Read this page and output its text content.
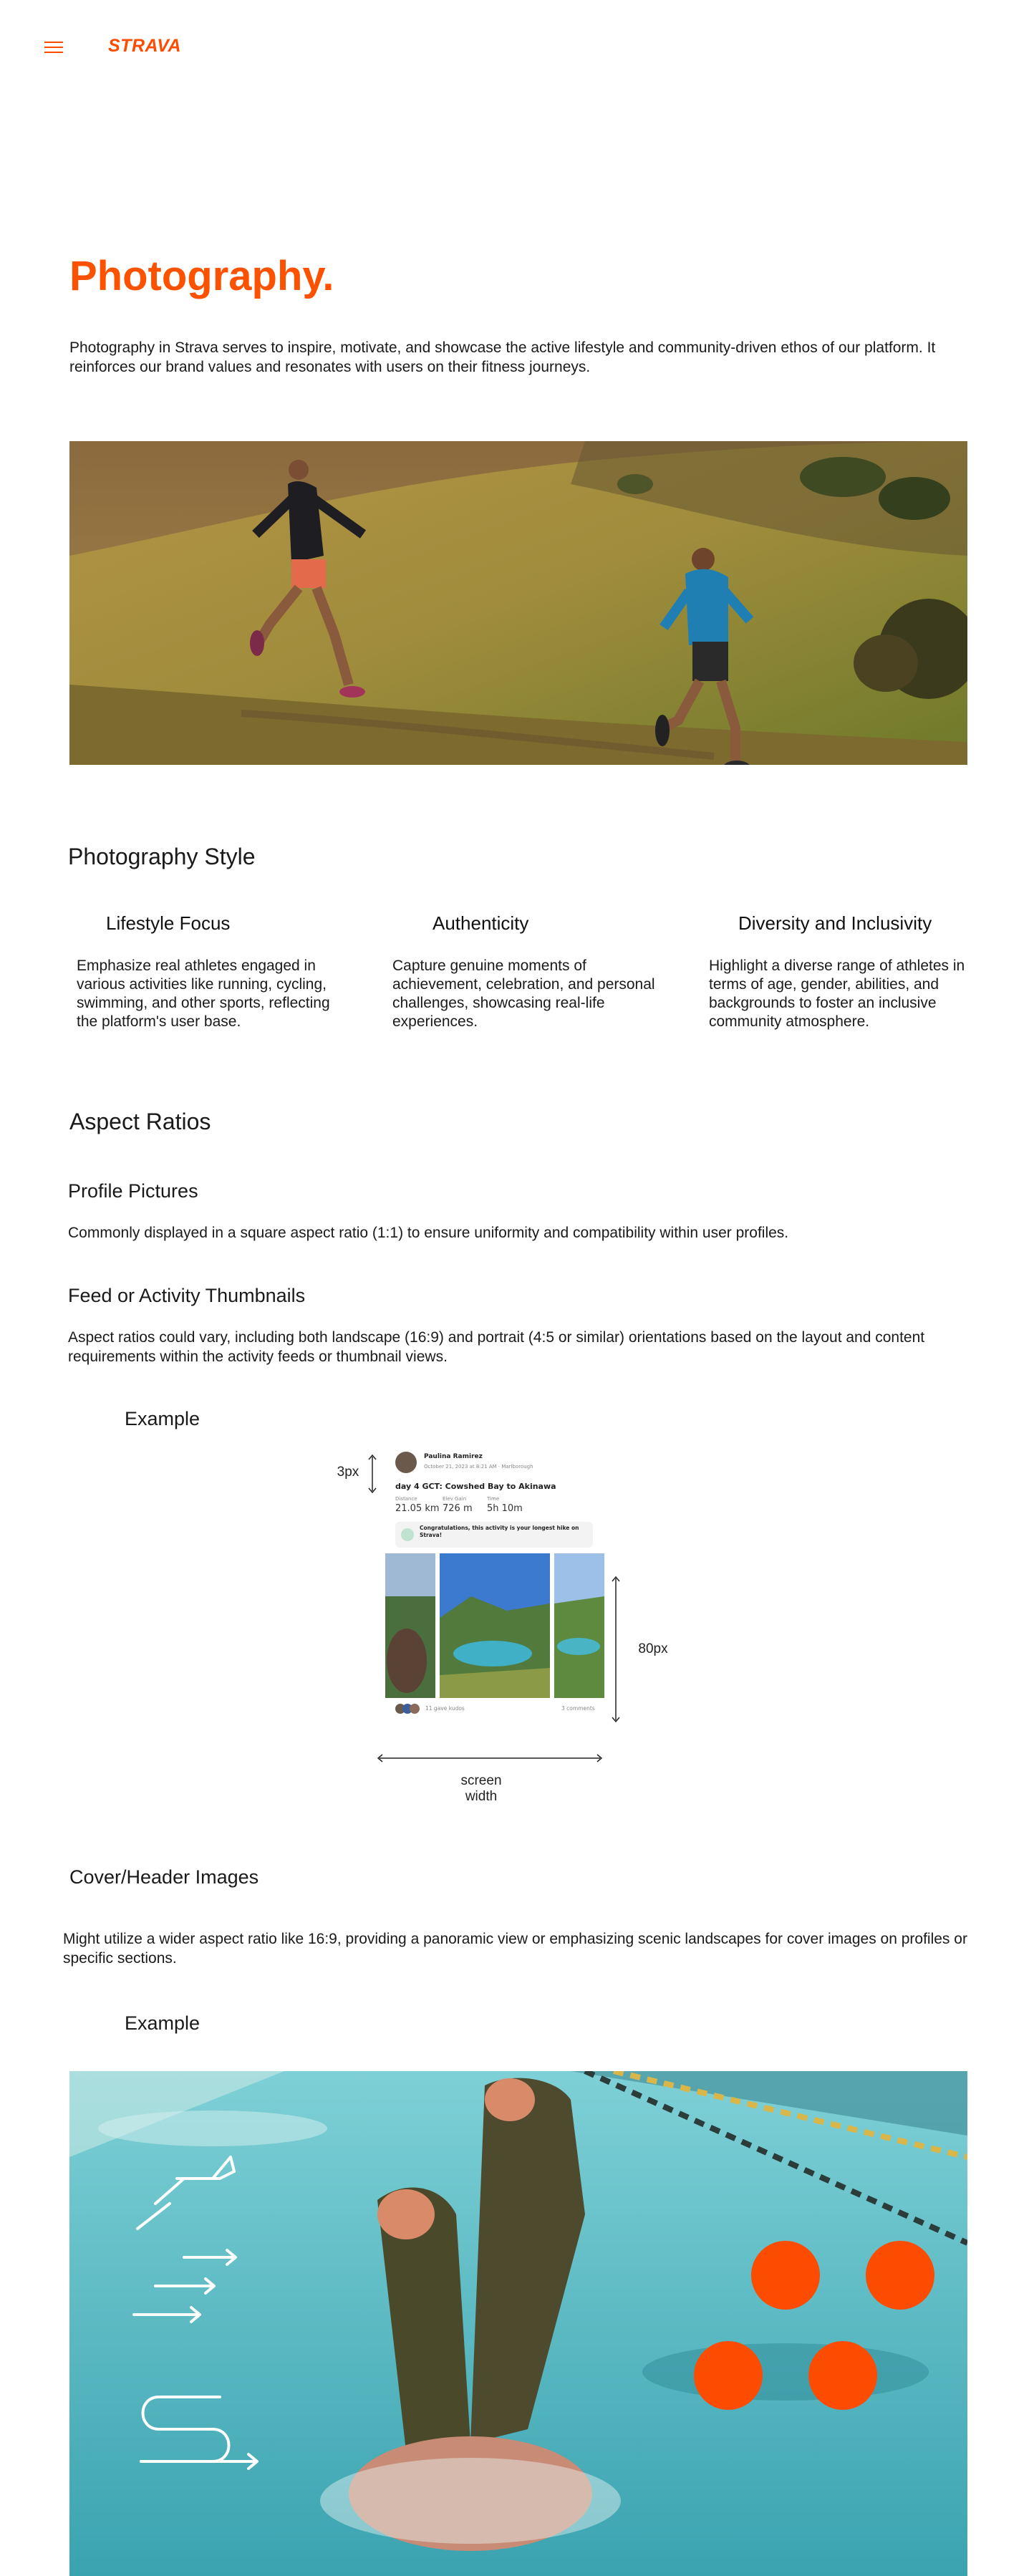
STRAVA
Photography.
Photography in Strava serves to inspire, motivate, and showcase the active lifestyle and community-driven ethos of our platform. It reinforces our brand values and resonates with users on their fitness journeys.
Photography Style
Lifestyle Focus
Emphasize real athletes engaged in various activities like running, cycling, swimming, and other sports, reflecting the platform's user base.
Authenticity
Capture genuine moments of achievement, celebration, and personal challenges, showcasing real-life experiences.
Diversity and Inclusivity
Highlight a diverse range of athletes in terms of age, gender, abilities, and backgrounds to foster an inclusive community atmosphere.
Aspect Ratios
Profile Pictures
Commonly displayed in a square aspect ratio (1:1) to ensure uniformity and compatibility within user profiles.
Feed or Activity Thumbnails
Aspect ratios could vary, including both landscape (16:9) and portrait (4:5 or similar) orientations based on the layout and content requirements within the activity feeds or thumbnail views.
Example
3px
80px
screen width
Paulina Ramirez
October 21, 2023 at 8:21 AM · Marlborough
day 4 GCT: Cowshed Bay to Akinawa
Distance
21.05 km
Elev Gain
726 m
Time
5h 10m
Congratulations, this activity is your longest hike on Strava!
11 gave kudos	3 comments
Cover/Header Images
Might utilize a wider aspect ratio like 16:9, providing a panoramic view or emphasizing scenic landscapes for cover images on profiles or specific sections.
Example
